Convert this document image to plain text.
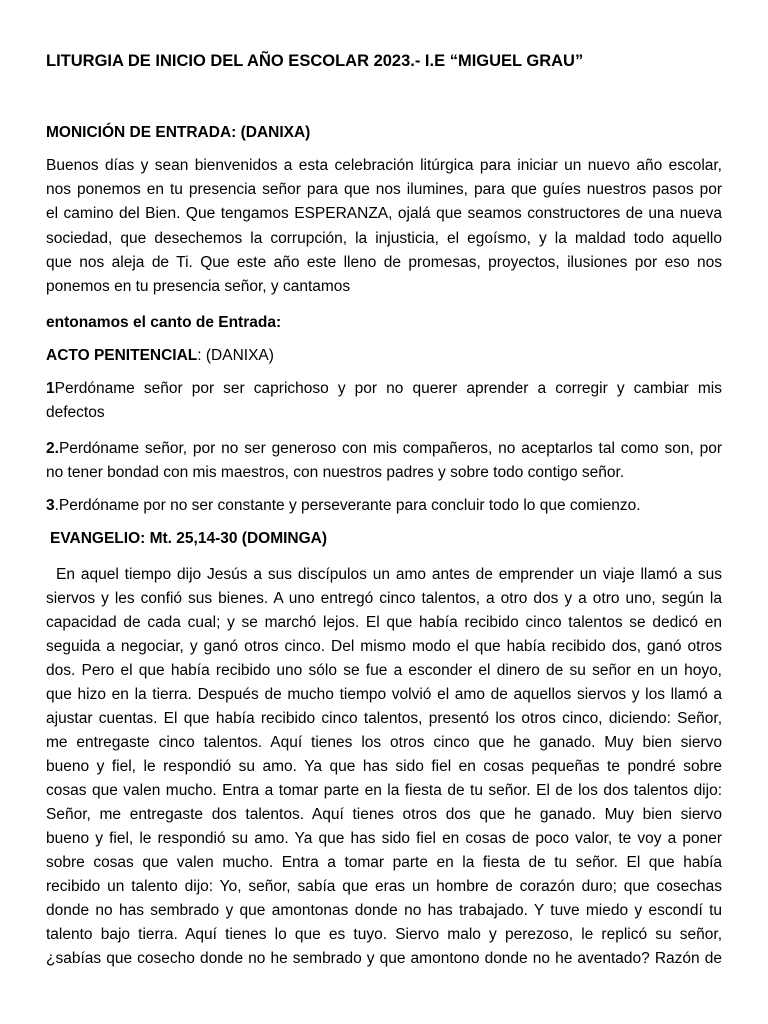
LITURGIA DE INICIO DEL AÑO ESCOLAR 2023.- I.E “MIGUEL GRAU”
MONICIÓN DE ENTRADA: (DANIXA)
Buenos días y sean bienvenidos a esta celebración litúrgica para iniciar un nuevo año escolar,
nos ponemos en tu presencia señor para que nos ilumines, para que guíes nuestros pasos por
el camino del Bien. Que tengamos ESPERANZA, ojalá que seamos constructores de una nueva
sociedad, que desechemos la corrupción, la injusticia, el egoísmo, y la maldad todo aquello
que nos aleja de Ti. Que este año este lleno de promesas, proyectos, ilusiones por eso nos
ponemos en tu presencia señor, y cantamos
entonamos el canto de Entrada:
ACTO PENITENCIAL: (DANIXA)
1Perdóname señor por ser caprichoso y por no querer aprender a corregir y cambiar mis
defectos
2.Perdóname señor, por no ser generoso con mis compañeros, no aceptarlos tal como son, por
no tener bondad con mis maestros, con nuestros padres y sobre todo contigo señor.
3.Perdóname por no ser constante y perseverante para concluir todo lo que comienzo.
EVANGELIO: Mt. 25,14-30 (DOMINGA)
En aquel tiempo dijo Jesús a sus discípulos un amo antes de emprender un viaje llamó a sus
siervos y les confió sus bienes. A uno entregó cinco talentos, a otro dos y a otro uno, según la
capacidad de cada cual; y se marchó lejos. El que había recibido cinco talentos se dedicó en
seguida a negociar, y ganó otros cinco. Del mismo modo el que había recibido dos, ganó otros
dos. Pero el que había recibido uno sólo se fue a esconder el dinero de su señor en un hoyo,
que hizo en la tierra. Después de mucho tiempo volvió el amo de aquellos siervos y los llamó a
ajustar cuentas. El que había recibido cinco talentos, presentó los otros cinco, diciendo: Señor,
me entregaste cinco talentos. Aquí tienes los otros cinco que he ganado. Muy bien siervo
bueno y fiel, le respondió su amo. Ya que has sido fiel en cosas pequeñas te pondré sobre
cosas que valen mucho. Entra a tomar parte en la fiesta de tu señor. El de los dos talentos dijo:
Señor, me entregaste dos talentos. Aquí tienes otros dos que he ganado. Muy bien siervo
bueno y fiel, le respondió su amo. Ya que has sido fiel en cosas de poco valor, te voy a poner
sobre cosas que valen mucho. Entra a tomar parte en la fiesta de tu señor. El que había
recibido un talento dijo: Yo, señor, sabía que eras un hombre de corazón duro; que cosechas
donde no has sembrado y que amontonas donde no has trabajado. Y tuve miedo y escondí tu
talento bajo tierra. Aquí tienes lo que es tuyo. Siervo malo y perezoso, le replicó su señor,
¿sabías que cosecho donde no he sembrado y que amontono donde no he aventado? Razón de
